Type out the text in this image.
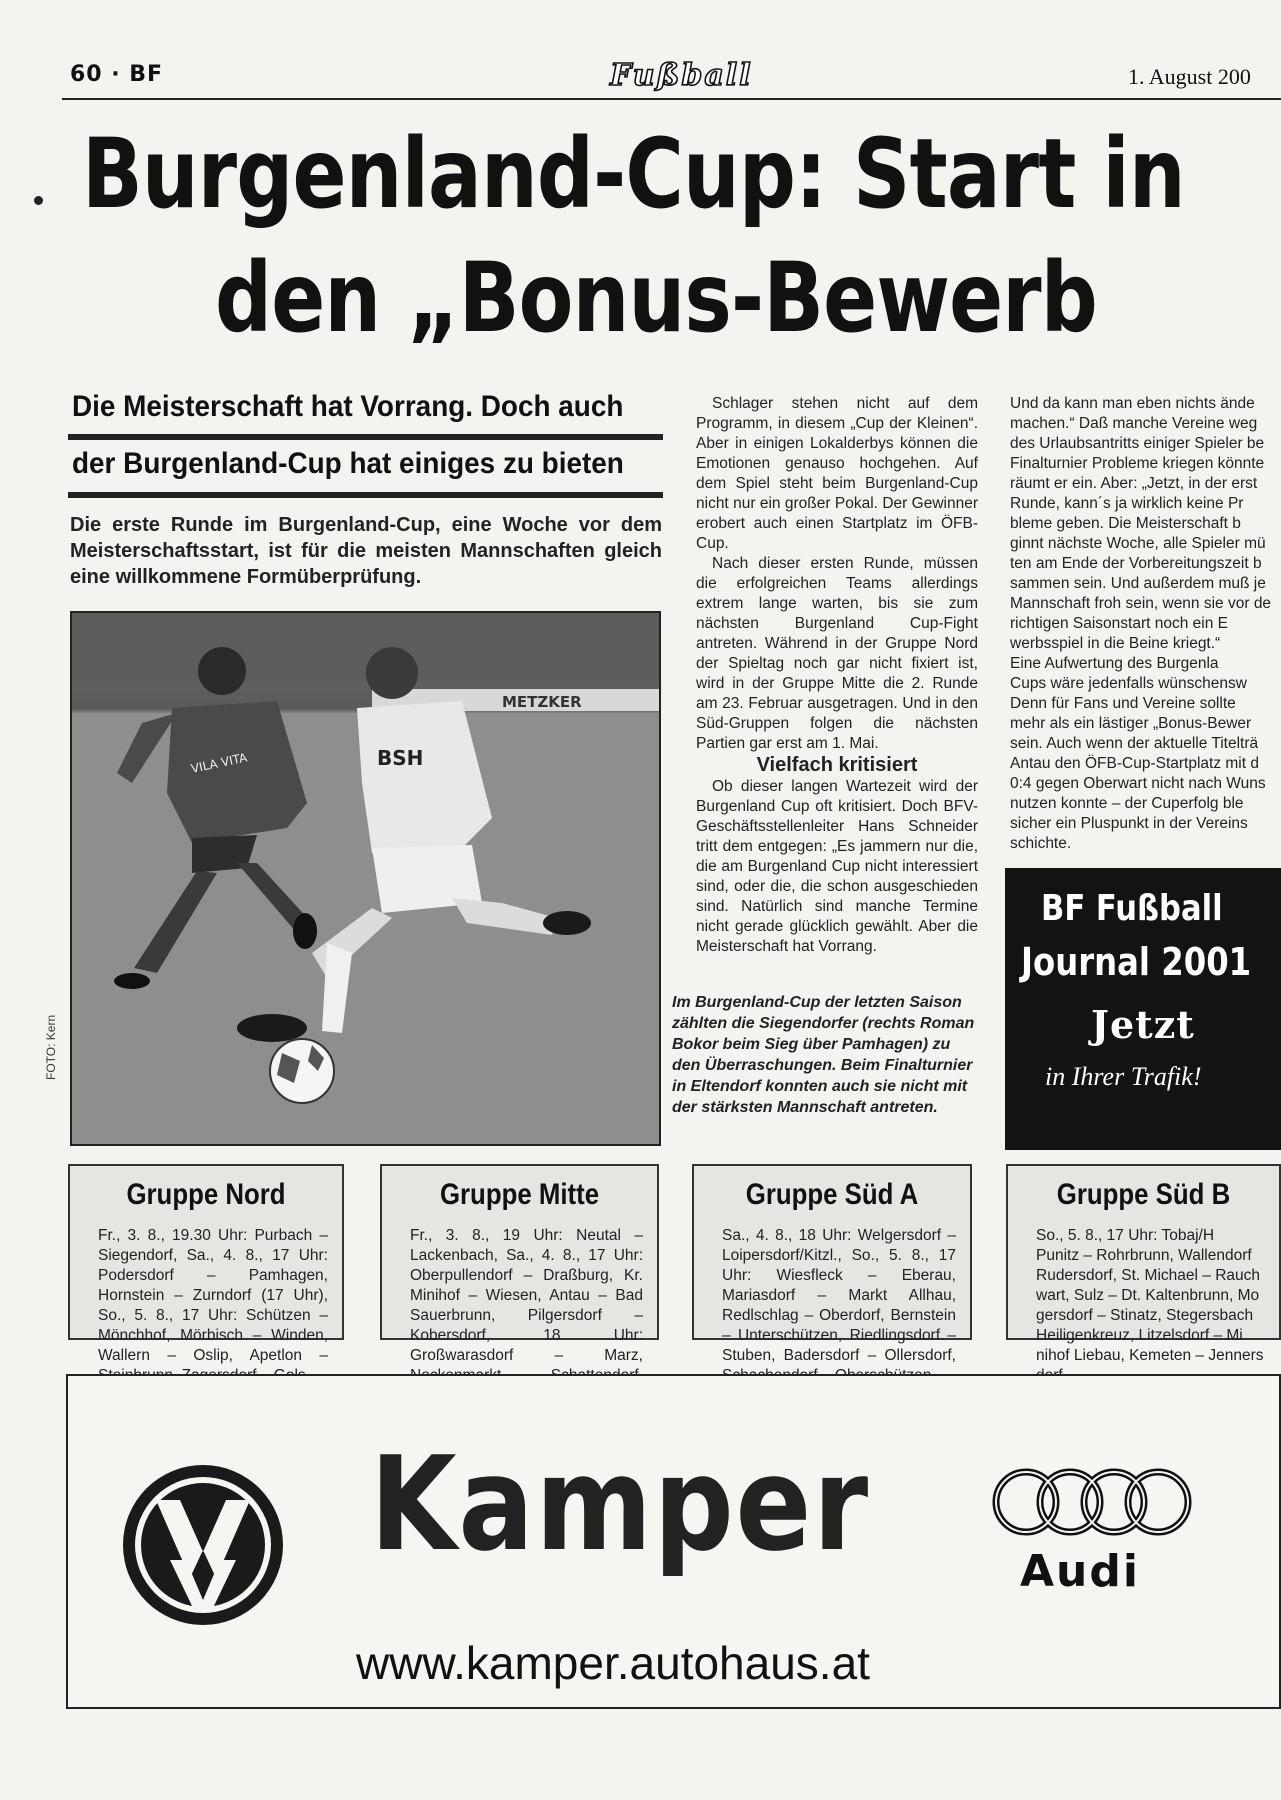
60 · BF	Fußball	1. August 200
Burgenland-Cup: Start in
den „Bonus-Bewerb
Die Meisterschaft hat Vorrang. Doch auch
der Burgenland-Cup hat einiges zu bieten
Die erste Runde im Burgenland-Cup, eine Woche vor dem Meisterschaftsstart, ist für die meisten Mannschaften gleich eine willkommene Formüberprüfung.
METZKER
VILA VITA	BSH
FOTO: Kern

Schlager stehen nicht auf dem Programm, in diesem „Cup der Kleinen“. Aber in einigen Lokalderbys können die Emotionen genauso hochgehen. Auf dem Spiel steht beim Burgenland-Cup nicht nur ein großer Pokal. Der Gewinner erobert auch einen Startplatz im ÖFB-Cup.

Nach dieser ersten Runde, müssen die erfolgreichen Teams allerdings extrem lange warten, bis sie zum nächsten Burgenland Cup-Fight antreten. Während in der Gruppe Nord der Spieltag noch gar nicht fixiert ist, wird in der Gruppe Mitte die 2. Runde am 23. Februar ausgetragen. Und in den Süd-Gruppen folgen die nächsten Partien gar erst am 1. Mai.

Vielfach kritisiert

Ob dieser langen Wartezeit wird der Burgenland Cup oft kritisiert. Doch BFV-Geschäftsstellenleiter Hans Schneider tritt dem entgegen: „Es jammern nur die, die am Burgenland Cup nicht interessiert sind, oder die, die schon ausgeschieden sind. Natürlich sind manche Termine nicht gerade glücklich gewählt. Aber die Meisterschaft hat Vorrang.

Im Burgenland-Cup der letzten Saison zählten die Siegendorfer (rechts Roman Bokor beim Sieg über Pamhagen) zu den Überraschungen. Beim Finalturnier in Eltendorf konnten auch sie nicht mit der stärksten Mannschaft antreten.

Und da kann man eben nichts ände

machen.“ Daß manche Vereine weg

des Urlaubsantritts einiger Spieler be

Finalturnier Probleme kriegen könnte

räumt er ein. Aber: „Jetzt, in der erst

Runde, kann´s ja wirklich keine Pr

bleme geben. Die Meisterschaft b

ginnt nächste Woche, alle Spieler mü

ten am Ende der Vorbereitungszeit b

sammen sein. Und außerdem muß je

Mannschaft froh sein, wenn sie vor de

richtigen Saisonstart noch ein E

werbsspiel in die Beine kriegt.“

Eine Aufwertung des Burgenla

Cups wäre jedenfalls wünschensw

Denn für Fans und Vereine sollte

mehr als ein lästiger „Bonus-Bewer

sein. Auch wenn der aktuelle Titelträ

Antau den ÖFB-Cup-Startplatz mit d

0:4 gegen Oberwart nicht nach Wuns

nutzen konnte – der Cuperfolg ble

sicher ein Pluspunkt in der Vereins

schichte.

BF Fußball
Journal 2001
Jetzt
in Ihrer Trafik!
Gruppe Nord
Fr., 3. 8., 19.30 Uhr: Purbach – Siegendorf, Sa., 4. 8., 17 Uhr: Podersdorf – Pamhagen, Hornstein – Zurndorf (17 Uhr), So., 5. 8., 17 Uhr: Schützen – Mönchhof, Mörbisch – Winden, Wallern – Oslip, Apetlon –
Gruppe Mitte
Fr., 3. 8., 19 Uhr: Neutal – Lackenbach, Sa., 4. 8., 17 Uhr: Oberpullendorf – Draßburg, Kr. Minihof – Wiesen, Antau – Bad Sauerbrunn, Pilgersdorf – Kobersdorf, 18 Uhr: Großwarasdorf – Marz,
Gruppe Süd A
Sa., 4. 8., 18 Uhr: Welgersdorf – Loipersdorf/Kitzl., So., 5. 8., 17 Uhr: Wiesfleck – Eberau, Mariasdorf – Markt Allhau, Redlschlag – Oberdorf, Bernstein – Unterschützen, Riedlingsdorf – Stuben, Badersdorf – Ollersdorf,
Gruppe Süd B
So., 5. 8., 17 Uhr: Tobaj/H
Punitz – Rohrbrunn, Wallendorf
Rudersdorf, St. Michael – Rauch
wart, Sulz – Dt. Kaltenbrunn, Mo
gersdorf – Stinatz, Stegersbach
Heiligenkreuz, Litzelsdorf – Mi
nihof Liebau, Kemeten – Jenners
Kamper	Audi
www.kamper.autohaus.at
